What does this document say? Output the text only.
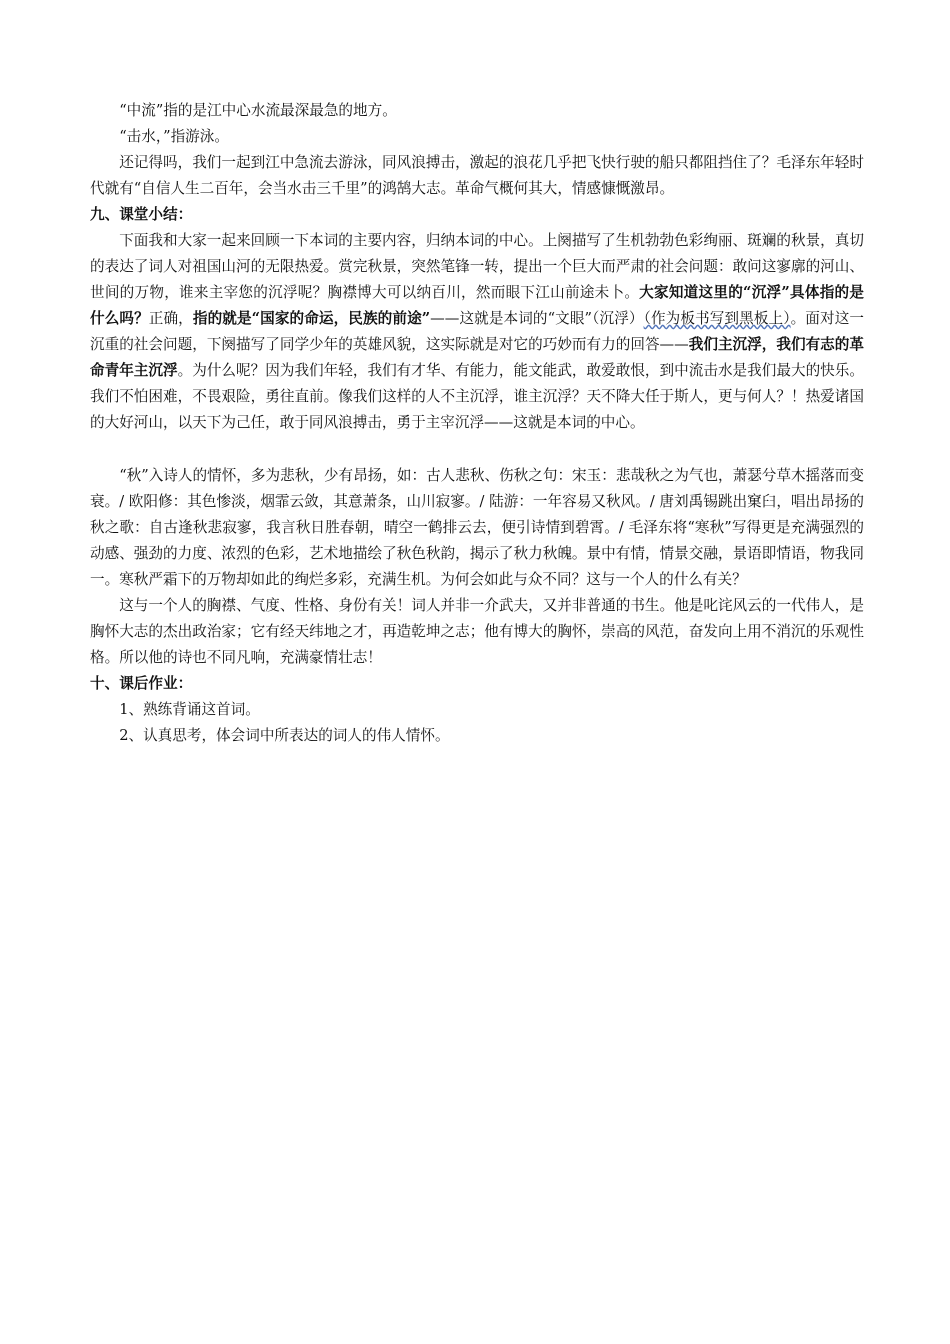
“中流”指的是江中心水流最深最急的地方。

“击水，”指游泳。

还记得吗，我们一起到江中急流去游泳，同风浪搏击，激起的浪花几乎把飞快行驶的船只都阻挡住了？毛泽东年轻时代就有“自信人生二百年，会当水击三千里”的鸿鹄大志。革命气概何其大，情感慷慨激昂。

九、课堂小结：

下面我和大家一起来回顾一下本词的主要内容，归纳本词的中心。上阕描写了生机勃勃色彩绚丽、斑斓的秋景，真切的表达了词人对祖国山河的无限热爱。赏完秋景，突然笔锋一转，提出一个巨大而严肃的社会问题：敢问这寥廓的河山、世间的万物，谁来主宰您的沉浮呢？胸襟博大可以纳百川，然而眼下江山前途未卜。大家知道这里的“沉浮”具体指的是什么吗？正确，指的就是“国家的命运，民族的前途”——这就是本词的“文眼”（沉浮）（作为板书写到黑板上）。面对这一沉重的社会问题，下阕描写了同学少年的英雄风貌，这实际就是对它的巧妙而有力的回答——我们主沉浮，我们有志的革命青年主沉浮。为什么呢？因为我们年轻，我们有才华、有能力，能文能武，敢爱敢恨，到中流击水是我们最大的快乐。我们不怕困难，不畏艰险，勇往直前。像我们这样的人不主沉浮，谁主沉浮？天不降大任于斯人，更与何人？！热爱诸国的大好河山，以天下为己任，敢于同风浪搏击，勇于主宰沉浮——这就是本词的中心。

“秋”入诗人的情怀，多为悲秋，少有昂扬，如：古人悲秋、伤秋之句：宋玉：悲哉秋之为气也，萧瑟兮草木摇落而变衰。/ 欧阳修：其色惨淡，烟霏云敛，其意萧条，山川寂寥。/ 陆游：一年容易又秋风。/ 唐刘禹锡跳出窠臼，唱出昂扬的秋之歌：自古逢秋悲寂寥，我言秋日胜春朝，晴空一鹤排云去，便引诗情到碧霄。/ 毛泽东将“寒秋”写得更是充满强烈的动感、强劲的力度、浓烈的色彩，艺术地描绘了秋色秋韵，揭示了秋力秋魄。景中有情，情景交融，景语即情语，物我同一。寒秋严霜下的万物却如此的绚烂多彩，充满生机。为何会如此与众不同？这与一个人的什么有关？

这与一个人的胸襟、气度、性格、身份有关！词人并非一介武夫，又并非普通的书生。他是叱诧风云的一代伟人，是胸怀大志的杰出政治家；它有经天纬地之才，再造乾坤之志；他有博大的胸怀，崇高的风范，奋发向上用不消沉的乐观性格。所以他的诗也不同凡响，充满豪情壮志！

十、课后作业：

1、熟练背诵这首词。

2、认真思考，体会词中所表达的词人的伟人情怀。
